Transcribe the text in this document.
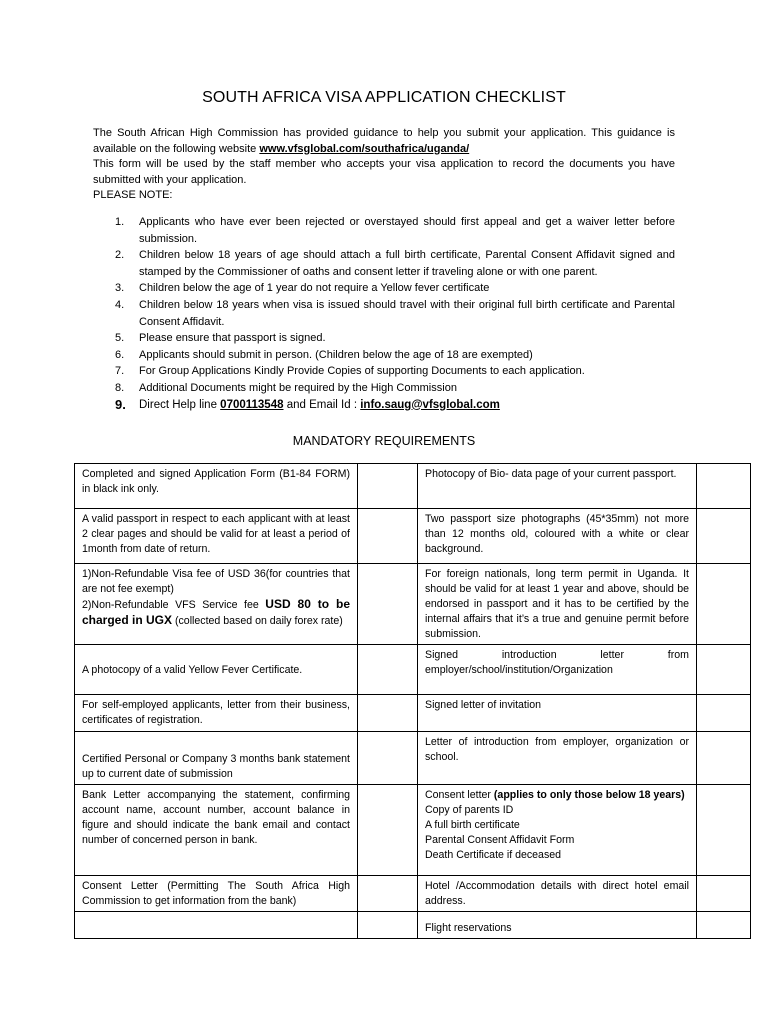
SOUTH AFRICA VISA APPLICATION CHECKLIST

The South African High Commission has provided guidance to help you submit your application. This guidance is available on the following website www.vfsglobal.com/southafrica/uganda/

This form will be used by the staff member who accepts your visa application to record the documents you have submitted with your application.

PLEASE NOTE:

1. Applicants who have ever been rejected or overstayed should first appeal and get a waiver letter before submission.
2. Children below 18 years of age should attach a full birth certificate, Parental Consent Affidavit signed and stamped by the Commissioner of oaths and consent letter if traveling alone or with one parent.
3. Children below the age of 1 year do not require a Yellow fever certificate
4. Children below 18 years when visa is issued should travel with their original full birth certificate and Parental Consent Affidavit.
5. Please ensure that passport is signed.
6. Applicants should submit in person. (Children below the age of 18 are exempted)
7. For Group Applications Kindly Provide Copies of supporting Documents to each application.
8. Additional Documents might be required by the High Commission
9. Direct Help line 0700113548 and Email Id : info.saug@vfsglobal.com
MANDATORY REQUIREMENTS
Completed and signed Application Form (B1-84 FORM) in black ink only.		Photocopy of Bio- data page of your current passport.	
A valid passport in respect to each applicant with at least 2 clear pages and should be valid for at least a period of 1month from date of return.		Two passport size photographs (45*35mm) not more than 12 months old, coloured with a white or clear background.	

1)Non-Refundable Visa fee of USD 36(for countries that are not fee exempt)
2)Non-Refundable VFS Service fee USD 80 to be charged in UGX (collected based on daily forex rate)		For foreign nationals, long term permit in Uganda. It should be valid for at least 1 year and above, should be endorsed in passport and it has to be certified by the internal affairs that it’s a true and genuine permit before submission.	
A photocopy of a valid Yellow Fever Certificate.		Signed introduction letter from employer/school/institution/Organization	
For self-employed applicants, letter from their business, certificates of registration.		Signed letter of invitation	
Certified Personal or Company 3 months bank statement up to current date of submission		Letter of introduction from employer, organization or school.	
Bank Letter accompanying the statement, confirming account name, account number, account balance in figure and should indicate the bank email and contact number of concerned person in bank.		Consent letter (applies to only those below 18 years)
Copy of parents ID
A full birth certificate
Parental Consent Affidavit Form
Death Certificate if deceased	

Consent Letter (Permitting The South Africa High Commission to get information from the bank)		Hotel /Accommodation details with direct hotel email address.	
		Flight reservations	
